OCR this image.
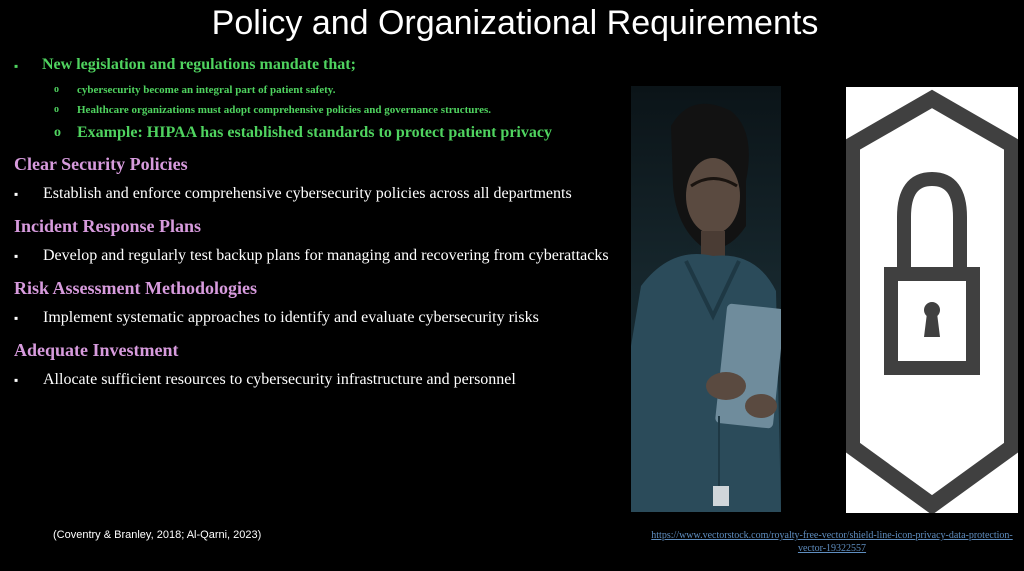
Policy and Organizational Requirements
▪ New legislation and regulations mandate that;
o cybersecurity become an integral part of patient safety.
o Healthcare organizations must adopt comprehensive policies and governance structures.
o Example: HIPAA has established standards to protect patient privacy
Clear Security Policies
▪ Establish and enforce comprehensive cybersecurity policies across all departments
Incident Response Plans
▪ Develop and regularly test backup plans for managing and recovering from cyberattacks
Risk Assessment Methodologies
▪ Implement systematic approaches to identify and evaluate cybersecurity risks
Adequate Investment
▪ Allocate sufficient resources to cybersecurity infrastructure and personnel
(Coventry & Branley, 2018; Al-Qarni, 2023)	https://www.vectorstock.com/royalty-free-vector/shield-line-icon-privacy-data-protection-vector-19322557
